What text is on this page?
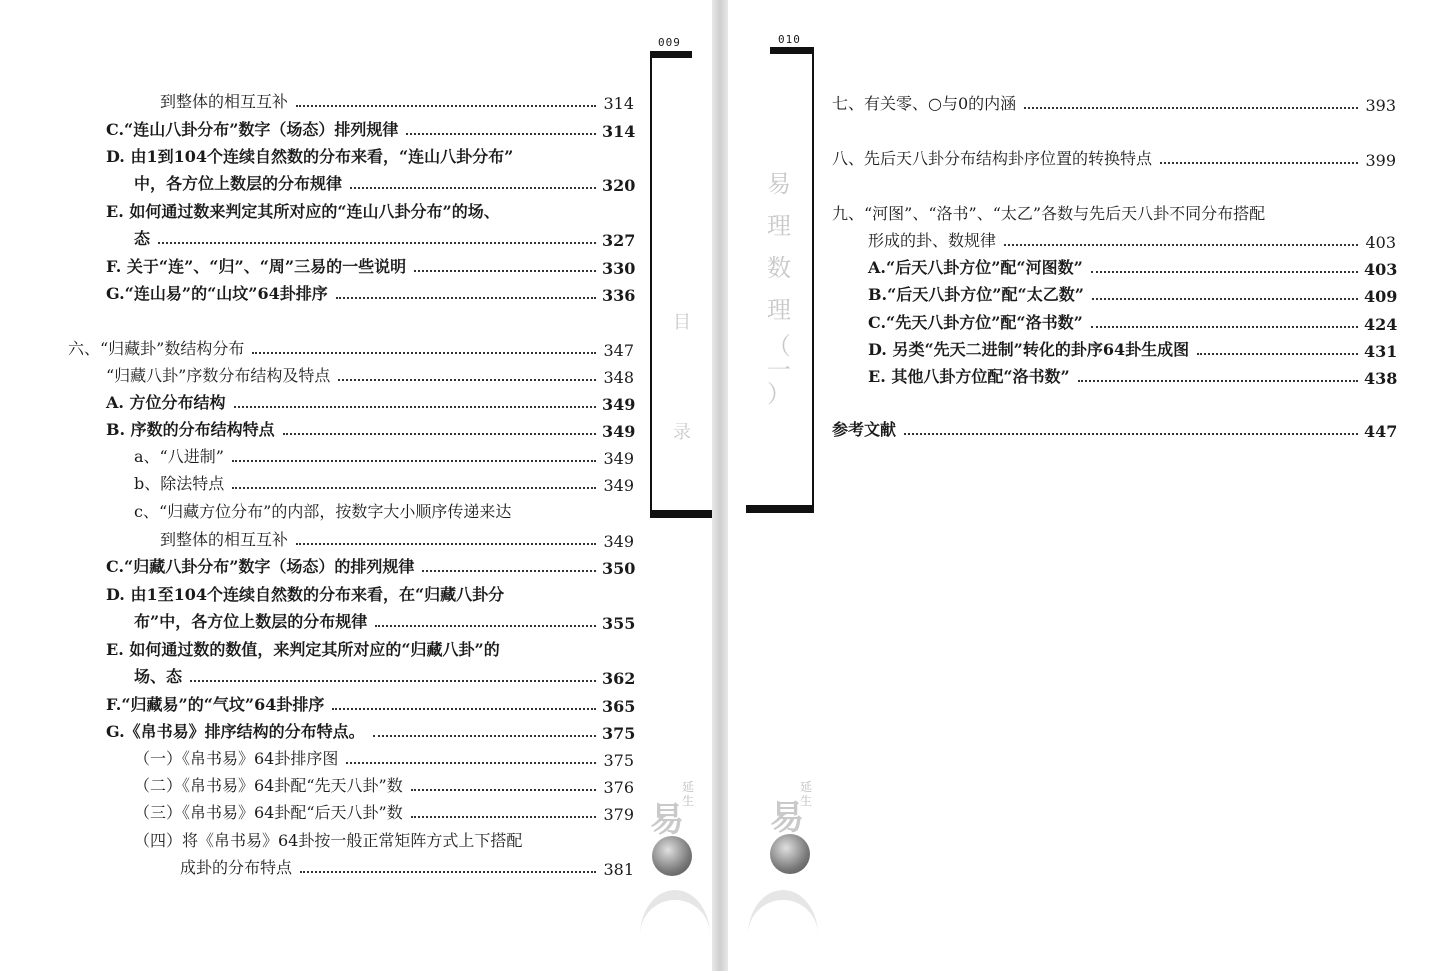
009
目
录
到整体的相互互补	314
C.“连山八卦分布”数字（场态）排列规律	314
D. 由1到104个连续自然数的分布来看，“连山八卦分布”
中，各方位上数层的分布规律	320
E. 如何通过数来判定其所对应的“连山八卦分布”的场、
态	327
F. 关于“连”、“归”、“周”三易的一些说明	330
G.“连山易”的“山坟”64卦排序	336
六、“归藏卦”数结构分布	347
“归藏八卦”序数分布结构及特点	348
A. 方位分布结构	349
B. 序数的分布结构特点	349
a、“八进制”	349
b、除法特点	349
c、“归藏方位分布”的内部，按数字大小顺序传递来达
到整体的相互互补	349
C.“归藏八卦分布”数字（场态）的排列规律	350
D. 由1至104个连续自然数的分布来看，在“归藏八卦分
布”中，各方位上数层的分布规律	355
E. 如何通过数的数值，来判定其所对应的“归藏八卦”的
场、态	362
F.“归藏易”的“气坟”64卦排序	365
G.《帛书易》排序结构的分布特点。	375
（一）《帛书易》64卦排序图	375
（二）《帛书易》64卦配“先天八卦”数	376
（三）《帛书易》64卦配“后天八卦”数	379
（四）将《帛书易》64卦按一般正常矩阵方式上下搭配
成卦的分布特点	381
易
延生
010
易
理
数
理
（
一
）
七、有关零、○与0的内涵	393
八、先后天八卦分布结构卦序位置的转换特点	399
九、“河图”、“洛书”、“太乙”各数与先后天八卦不同分布搭配
形成的卦、数规律	403
A.“后天八卦方位”配“河图数”	403
B.“后天八卦方位”配“太乙数”	409
C.“先天八卦方位”配“洛书数”	424
D. 另类“先天二进制”转化的卦序64卦生成图	431
E. 其他八卦方位配“洛书数”	438
参考文献	447
易
延生
